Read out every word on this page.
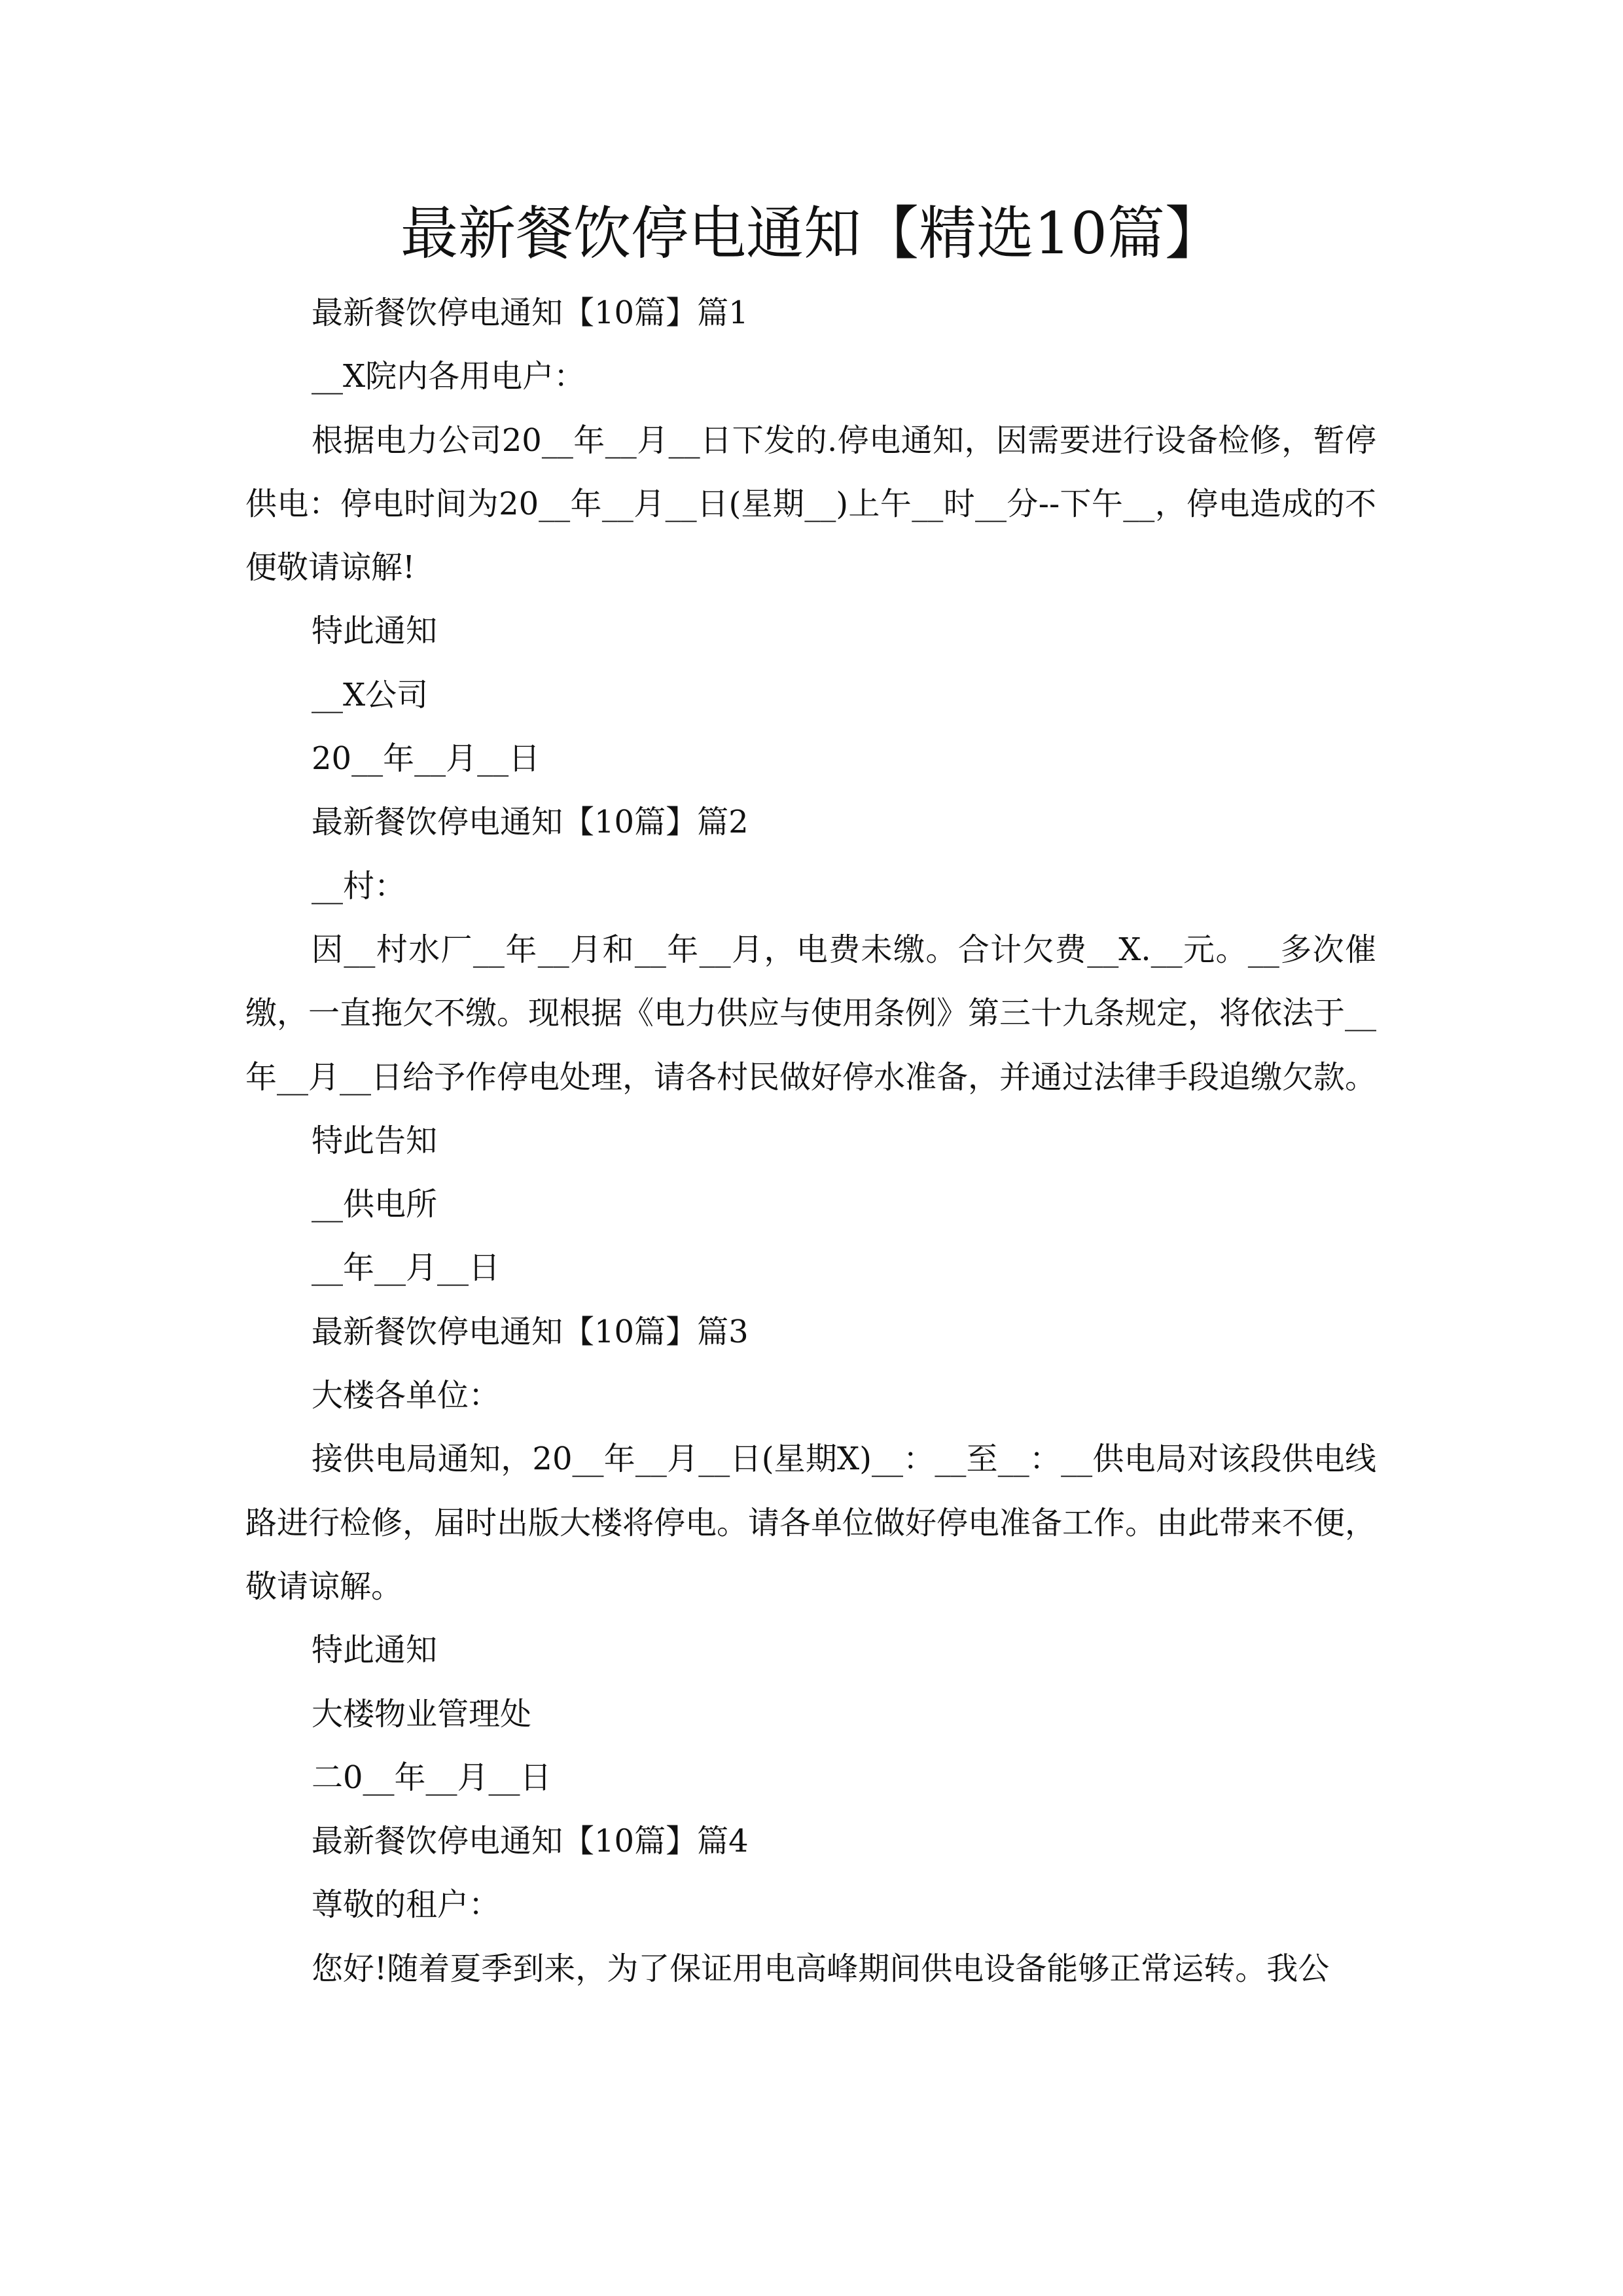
最新餐饮停电通知【精选10篇】

最新餐饮停电通知【10篇】篇1

__X院内各用电户：

根据电力公司20__年__月__日下发的.停电通知，因需要进行设备检修，暂停供电：停电时间为20__年__月__日(星期__)上午__时__分--下午__，停电造成的不便敬请谅解!

特此通知

__X公司

20__年__月__日

最新餐饮停电通知【10篇】篇2

__村：

因__村水厂__年__月和__年__月，电费未缴。合计欠费__X.__元。__多次催缴，一直拖欠不缴。现根据《电力供应与使用条例》第三十九条规定，将依法于__年__月__日给予作停电处理，请各村民做好停水准备，并通过法律手段追缴欠款。

特此告知

__供电所

__年__月__日

最新餐饮停电通知【10篇】篇3

大楼各单位：

接供电局通知，20__年__月__日(星期X)__：__至__：__供电局对该段供电线路进行检修，届时出版大楼将停电。请各单位做好停电准备工作。由此带来不便，敬请谅解。

特此通知

大楼物业管理处

二0__年__月__日

最新餐饮停电通知【10篇】篇4

尊敬的租户：

您好!随着夏季到来，为了保证用电高峰期间供电设备能够正常运转。我公
